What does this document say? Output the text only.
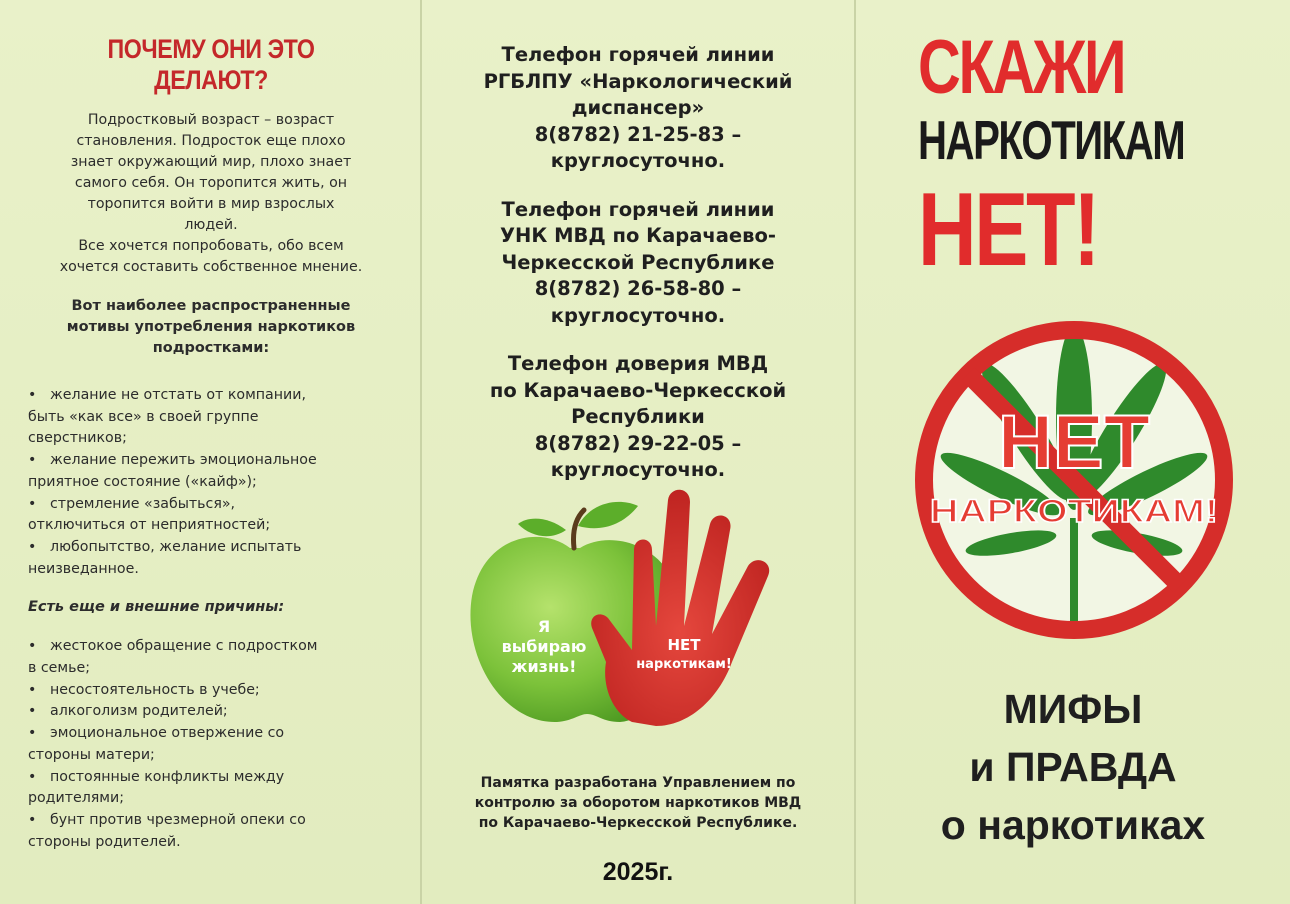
ПОЧЕМУ ОНИ ЭТО ДЕЛАЮТ?

Подростковый возраст – возраст
становления. Подросток еще плохо
знает окружающий мир, плохо знает
самого себя. Он торопится жить, он
торопится войти в мир взрослых
людей.
Все хочется попробовать, обо всем
хочется составить собственное мнение.

Вот наиболее распространенные
мотивы употребления наркотиков
подростками:

• желание не отстать от компании,
быть «как все» в своей группе
сверстников;
• желание пережить эмоциональное
приятное состояние («кайф»);
• стремление «забыться»,
отключиться от неприятностей;
• любопытство, желание испытать
неизведанное.
Есть еще и внешние причины:
• жестокое обращение с подростком
в семье;
• несостоятельность в учебе;
• алкоголизм родителей;
• эмоциональное отвержение со
стороны матери;
• постоянные конфликты между
родителями;
• бунт против чрезмерной опеки со
стороны родителей.

Телефон горячей линии
РГБЛПУ «Наркологический
диспансер»
8(8782) 21-25-83 –
круглосуточно.

Телефон горячей линии
УНК МВД по Карачаево-
Черкесской Республике
8(8782) 26-58-80 –
круглосуточно.

Телефон доверия МВД
по Карачаево-Черкесской
Республики
8(8782) 29-22-05 –
круглосуточно.

Я
выбираю
жизнь!
НЕТ
наркотикам!
Памятка разработана Управлением по
контролю за оборотом наркотиков МВД
по Карачаево-Черкесской Республике.
2025г.
СКАЖИ
НАРКОТИКАМ
НЕТ!
НЕТ
НАРКОТИКАМ!
МИФЫ
и ПРАВДА
о наркотиках
